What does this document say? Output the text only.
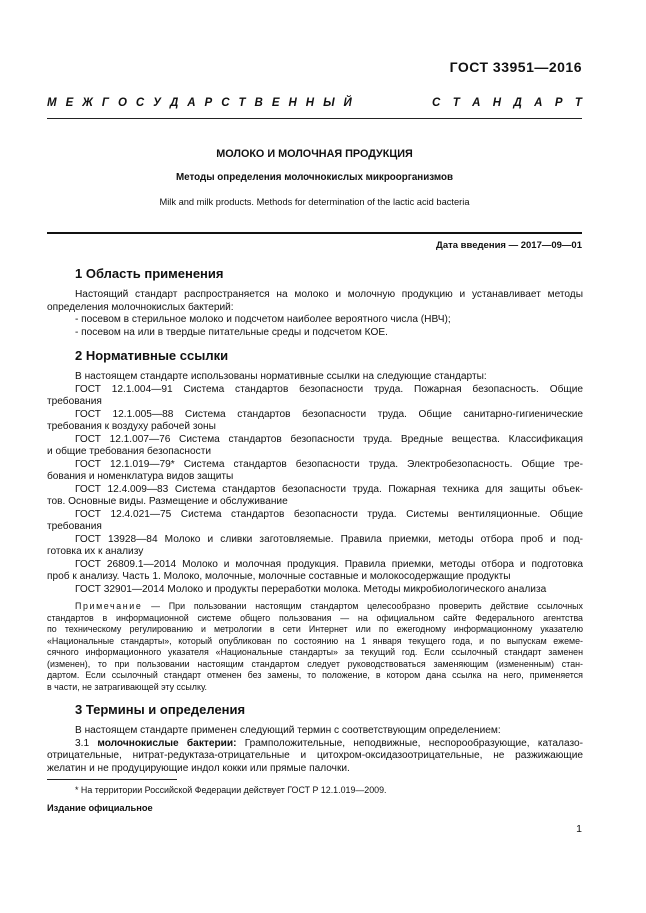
ГОСТ 33951—2016
М Е Ж Г О С У Д А Р С Т В Е Н Н Ы Й	С Т А Н Д А Р Т
МОЛОКО И МОЛОЧНАЯ ПРОДУКЦИЯ
Методы определения молочнокислых микроорганизмов
Milk and milk products. Methods for determination of the lactic acid bacteria
Дата введения — 2017—09—01
1 Область применения

Настоящий стандарт распространяется на молоко и молочную продукцию и устанавливает методы

определения молочнокислых бактерий:

- посевом в стерильное молоко и подсчетом наиболее вероятного числа (НВЧ);

- посевом на или в твердые питательные среды и подсчетом КОЕ.

2 Нормативные ссылки

В настоящем стандарте использованы нормативные ссылки на следующие стандарты:

ГОСТ 12.1.004—91 Система стандартов безопасности труда. Пожарная безопасность. Общие

требования

ГОСТ 12.1.005—88 Система стандартов безопасности труда. Общие санитарно-гигиенические

требования к воздуху рабочей зоны

ГОСТ 12.1.007—76 Система стандартов безопасности труда. Вредные вещества. Классификация

и общие требования безопасности

ГОСТ 12.1.019—79* Система стандартов безопасности труда. Электробезопасность. Общие тре-

бования и номенклатура видов защиты

ГОСТ 12.4.009—83 Система стандартов безопасности труда. Пожарная техника для защиты объек-

тов. Основные виды. Размещение и обслуживание

ГОСТ 12.4.021—75 Система стандартов безопасности труда. Системы вентиляционные. Общие

требования

ГОСТ 13928—84 Молоко и сливки заготовляемые. Правила приемки, методы отбора проб и под-

готовка их к анализу

ГОСТ 26809.1—2014 Молоко и молочная продукция. Правила приемки, методы отбора и подготовка

проб к анализу. Часть 1. Молоко, молочные, молочные составные и молокосодержащие продукты

ГОСТ 32901—2014 Молоко и продукты переработки молока. Методы микробиологического анализа

Примечание — При пользовании настоящим стандартом целесообразно проверить действие ссылочных

стандартов в информационной системе общего пользования — на официальном сайте Федерального агентства

по техническому регулированию и метрологии в сети Интернет или по ежегодному информационному указателю

«Национальные стандарты», который опубликован по состоянию на 1 января текущего года, и по выпускам ежеме-

сячного информационного указателя «Национальные стандарты» за текущий год. Если ссылочный стандарт заменен

(изменен), то при пользовании настоящим стандартом следует руководствоваться заменяющим (измененным) стан-

дартом. Если ссылочный стандарт отменен без замены, то положение, в котором дана ссылка на него, применяется

в части, не затрагивающей эту ссылку.

3 Термины и определения

В настоящем стандарте применен следующий термин с соответствующим определением:

3.1 молочнокислые бактерии: Грамположительные, неподвижные, неспорообразующие, каталазо-

отрицательные, нитрат-редуктаза-отрицательные и цитохром-оксидазоотрицательные, не разжижающие

желатин и не продуцирующие индол кокки или прямые палочки.

* На территории Российской Федерации действует ГОСТ Р 12.1.019—2009.
Издание официальное
1
